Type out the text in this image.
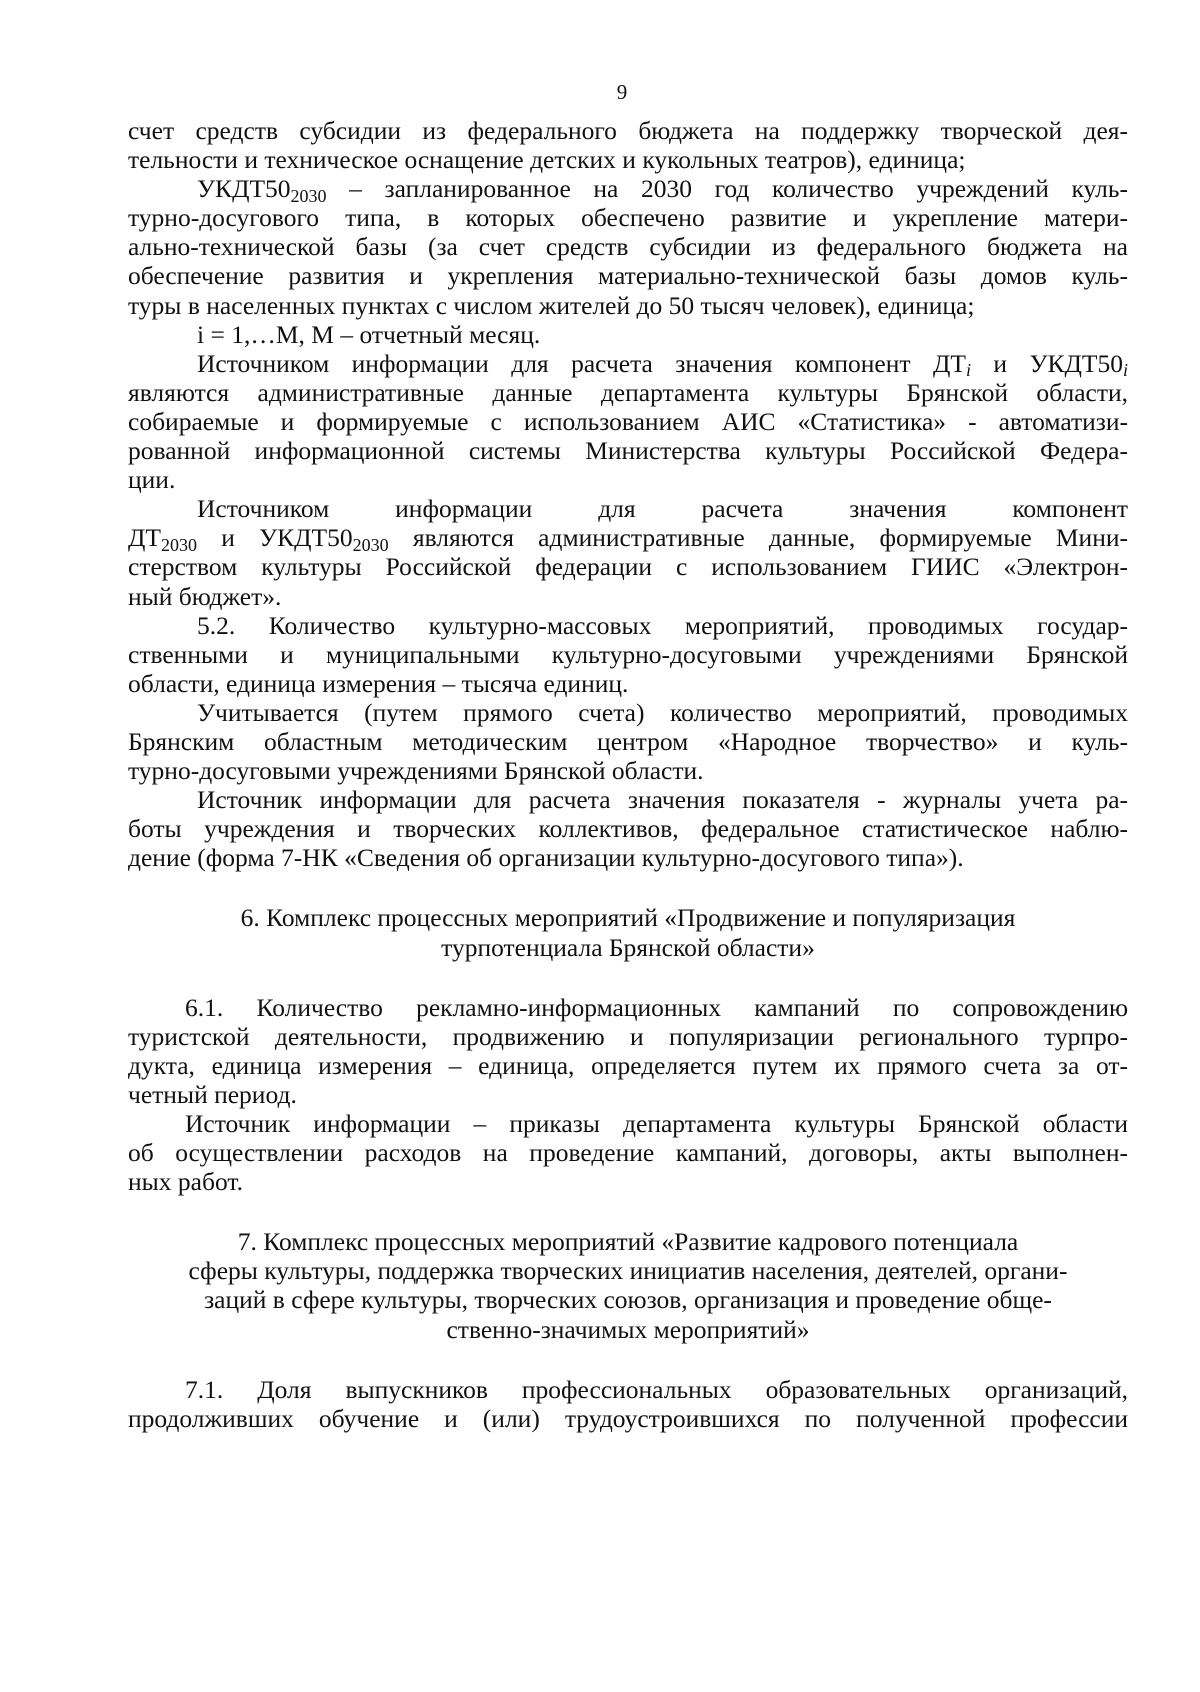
9

счет средств субсидии из федерального бюджета на поддержку творческой дея-

тельности и техническое оснащение детских и кукольных театров), единица;

$УКДТ50_{2030}$ – запланированное на 2030 год количество учреждений куль-

турно-досугового типа, в которых обеспечено развитие и укрепление матери-

ально-технической базы (за счет средств субсидии из федерального бюджета на

обеспечение развития и укрепления материально-технической базы домов куль-

туры в населенных пунктах с числом жителей до 50 тысяч человек), единица;

i = 1,…M, М – отчетный месяц.

Источником информации для расчета значения компонент ДТi и УКДТ50i

являются административные данные департамента культуры Брянской области,

собираемые и формируемые с использованием АИС «Статистика» - автоматизи-

рованной информационной системы Министерства культуры Российской Федера-

ции.

Источником информации для расчета значения компонент

$ДТ_{2030}$ и $УКДТ50_{2030}$ являются административные данные, формируемые Мини-

стерством культуры Российской федерации с использованием ГИИС «Электрон-

ный бюджет».

5.2. Количество культурно-массовых мероприятий, проводимых государ-

ственными и муниципальными культурно-досуговыми учреждениями Брянской

области, единица измерения – тысяча единиц.

Учитывается (путем прямого счета) количество мероприятий, проводимых

Брянским областным методическим центром «Народное творчество» и куль-

турно-досуговыми учреждениями Брянской области.

Источник информации для расчета значения показателя - журналы учета ра-

боты учреждения и творческих коллективов, федеральное статистическое наблю-

дение (форма 7-НК «Сведения об организации культурно-досугового типа»).

6. Комплекс процессных мероприятий «Продвижение и популяризация

турпотенциала Брянской области»

6.1. Количество рекламно-информационных кампаний по сопровождению

туристской деятельности, продвижению и популяризации регионального турпро-

дукта, единица измерения – единица, определяется путем их прямого счета за от-

четный период.

Источник информации – приказы департамента культуры Брянской области

об осуществлении расходов на проведение кампаний, договоры, акты выполнен-

ных работ.

7. Комплекс процессных мероприятий «Развитие кадрового потенциала

сферы культуры, поддержка творческих инициатив населения, деятелей, органи-

заций в сфере культуры, творческих союзов, организация и проведение обще-

ственно-значимых мероприятий»

7.1. Доля выпускников профессиональных образовательных организаций,

продолживших обучение и (или) трудоустроившихся по полученной профессии
